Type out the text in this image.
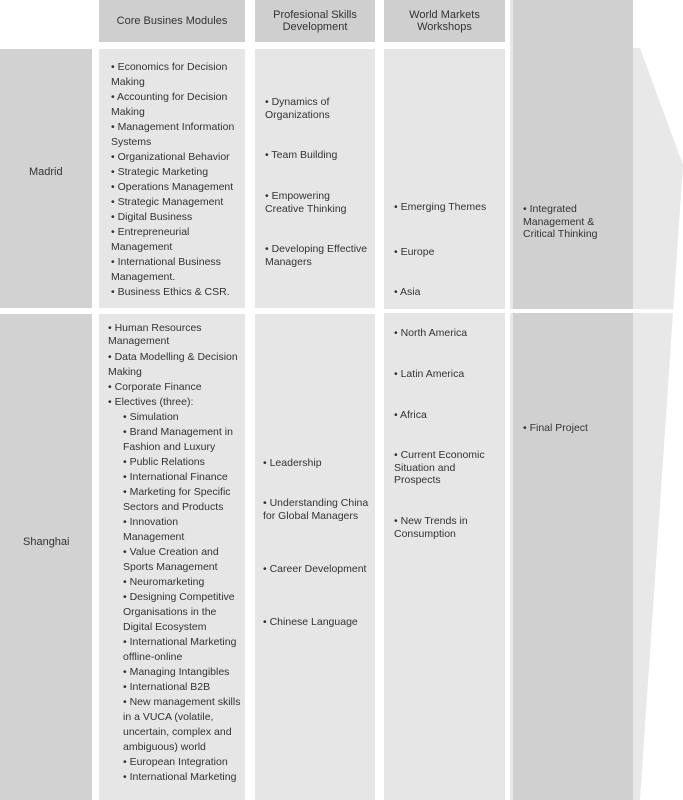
Core Busines Modules	Profesional Skills
Development
World Markets
Workshops
Madrid
Shanghai
• Economics for Decision Making
• Accounting for Decision Making
• Management Information Systems
• Organizational Behavior
• Strategic Marketing
• Operations Management
• Strategic Management
• Digital Business
• Entrepreneurial Management
• International Business Management.
• Business Ethics & CSR.
• Human Resources Management
• Data Modelling & Decision Making
• Corporate Finance
• Electives (three):
• Simulation
• Brand Management in Fashion and Luxury
• Public Relations
• International Finance
• Marketing for Specific Sectors and Products
• Innovation Management
• Value Creation and Sports Management
• Neuromarketing
• Designing Competitive Organisations in the Digital Ecosystem
• International Marketing offline-online
• Managing Intangibles
• International B2B
• New management skills in a VUCA (volatile, uncertain, complex and ambiguous) world
• European Integration
• International Marketing
• Dynamics of Organizations
• Team Building
• Empowering Creative Thinking
• Developing Effective Managers
• Leadership
• Understanding China for Global Managers
• Career Development
• Chinese Language
• Emerging Themes
• Europe
• Asia
• North America
• Latin America
• Africa
• Current Economic Situation and Prospects
• New Trends in Consumption
• Integrated Management & Critical Thinking
• Final Project
